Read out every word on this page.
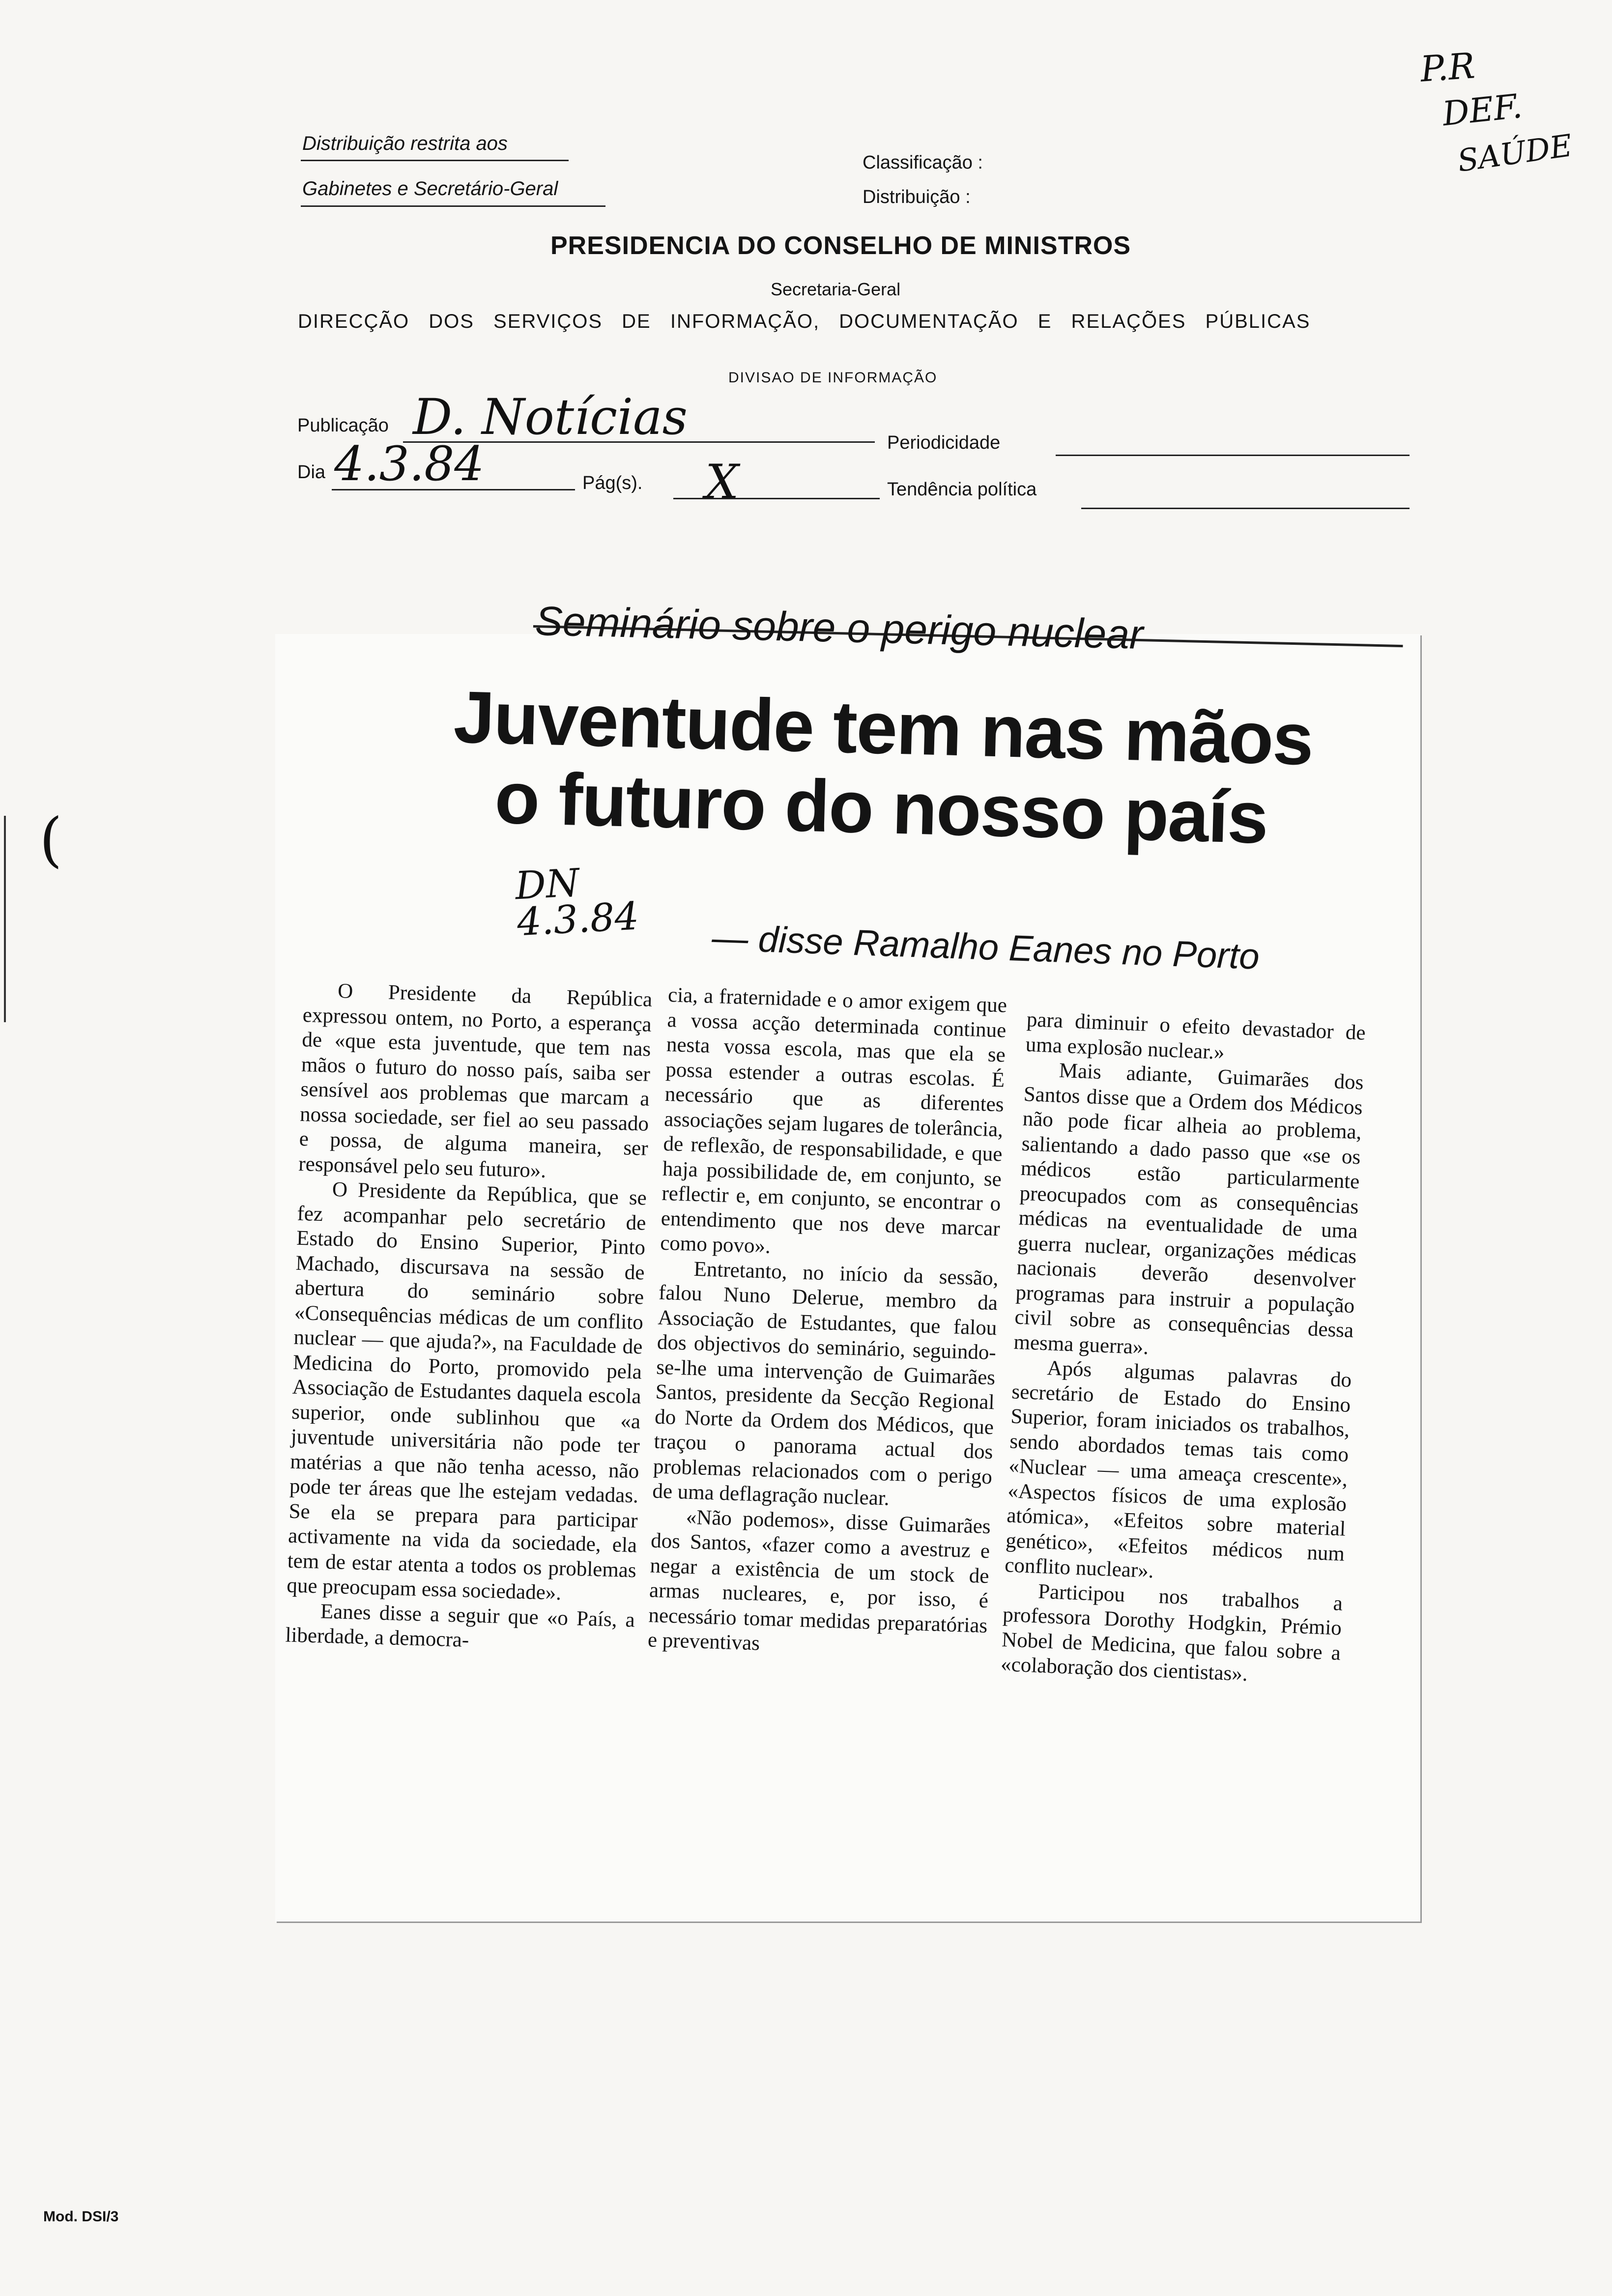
Distribuição restrita aos
Gabinetes e Secretário-Geral
Classificação :
Distribuição :
PRESIDENCIA DO CONSELHO DE MINISTROS
Secretaria-Geral
DIRECÇÃO DOS SERVIÇOS DE INFORMAÇÃO, DOCUMENTAÇÃO E RELAÇÕES PÚBLICAS
DIVISAO DE INFORMAÇÃO
Publicação D. Notícias	Periodicidade
Dia 4.3.84	Pág(s). X	Tendência política
P.R
DEF.
SAÚDE
(
Seminário sobre o perigo nuclear
Juventude tem nas mãos
o futuro do nosso país
DN
4.3.84 — disse Ramalho Eanes no Porto

O Presidente da República expressou ontem, no Porto, a esperança de «que esta juventude, que tem nas mãos o futuro do nosso país, saiba ser sensível aos problemas que marcam a nossa sociedade, ser fiel ao seu passado e possa, de alguma maneira, ser responsável pelo seu futuro».

O Presidente da República, que se fez acompanhar pelo secretário de Estado do Ensino Superior, Pinto Machado, discursava na sessão de abertura do seminário sobre «Consequências médicas de um conflito nuclear — que ajuda?», na Faculdade de Medicina do Porto, promovido pela Associação de Estudantes daquela escola superior, onde sublinhou que «a juventude universitária não pode ter matérias a que não tenha acesso, não pode ter áreas que lhe estejam vedadas. Se ela se prepara para participar activamente na vida da sociedade, ela tem de estar atenta a todos os problemas que preocupam essa sociedade».

Eanes disse a seguir que «o País, a liberdade, a democra-

cia, a fraternidade e o amor exigem que a vossa acção determinada continue nesta vossa escola, mas que ela se possa estender a outras escolas. É necessário que as diferentes associações sejam lugares de tolerância, de reflexão, de responsabilidade, e que haja possibilidade de, em conjunto, se reflectir e, em conjunto, se encontrar o entendimento que nos deve marcar como povo».

Entretanto, no início da sessão, falou Nuno Delerue, membro da Associação de Estudantes, que falou dos objectivos do seminário, seguindo-se-lhe uma intervenção de Guimarães Santos, presidente da Secção Regional do Norte da Ordem dos Médicos, que traçou o panorama actual dos problemas relacionados com o perigo de uma deflagração nuclear.

«Não podemos», disse Guimarães dos Santos, «fazer como a avestruz e negar a existência de um stock de armas nucleares, e, por isso, é necessário tomar medidas preparatórias e preventivas

para diminuir o efeito devastador de uma explosão nuclear.»

Mais adiante, Guimarães dos Santos disse que a Ordem dos Médicos não pode ficar alheia ao problema, salientando a dado passo que «se os médicos estão particularmente preocupados com as consequências médicas na eventualidade de uma guerra nuclear, organizações médicas nacionais deverão desenvolver programas para instruir a população civil sobre as consequências dessa mesma guerra».

Após algumas palavras do secretário de Estado do Ensino Superior, foram iniciados os trabalhos, sendo abordados temas tais como «Nuclear — uma ameaça crescente», «Aspectos físicos de uma explosão atómica», «Efeitos sobre material genético», «Efeitos médicos num conflito nuclear».

Participou nos trabalhos a professora Dorothy Hodgkin, Prémio Nobel de Medicina, que falou sobre a «colaboração dos cientistas».

Mod. DSI/3
